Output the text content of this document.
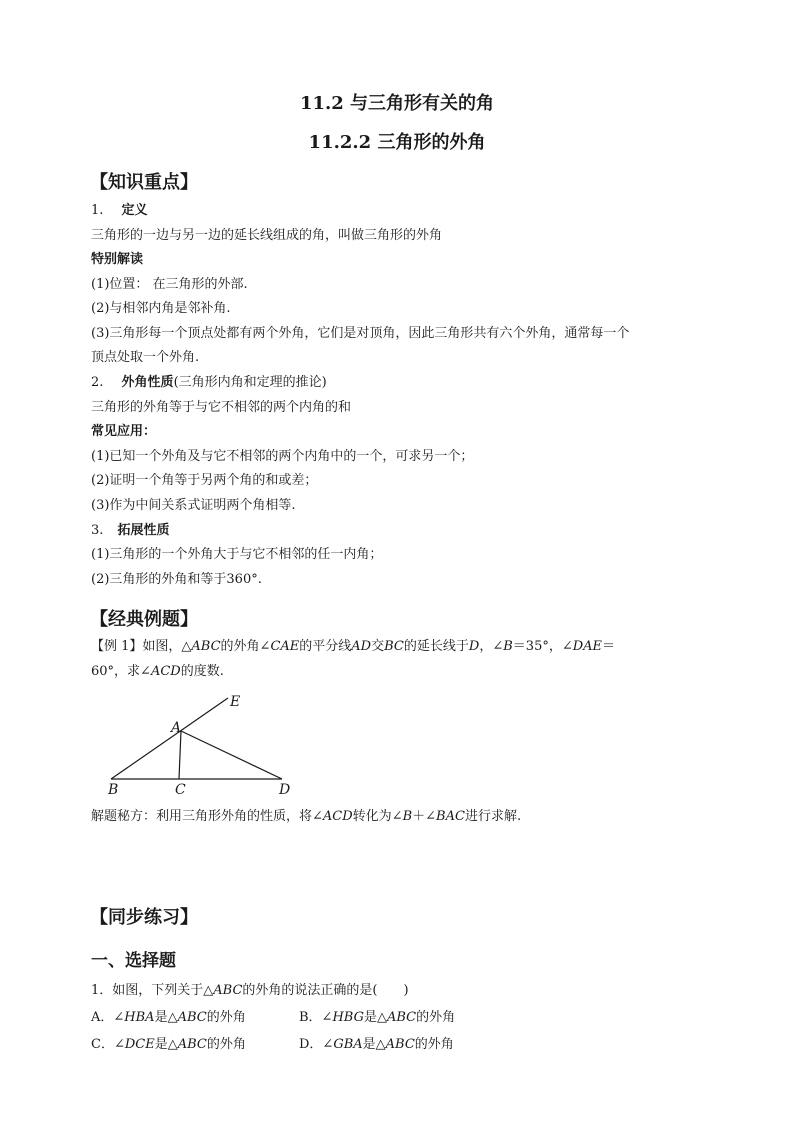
11.2 与三角形有关的角
11.2.2 三角形的外角
【知识重点】
1. 定义
三角形的一边与另一边的延长线组成的角，叫做三角形的外角
特别解读
(1)位置： 在三角形的外部.
(2)与相邻内角是邻补角.
(3)三角形每一个顶点处都有两个外角，它们是对顶角，因此三角形共有六个外角，通常每一个
顶点处取一个外角.
2. 外角性质(三角形内角和定理的推论)
三角形的外角等于与它不相邻的两个内角的和
常见应用：
(1)已知一个外角及与它不相邻的两个内角中的一个，可求另一个；
(2)证明一个角等于另两个角的和或差；
(3)作为中间关系式证明两个角相等.
3. 拓展性质
(1)三角形的一个外角大于与它不相邻的任一内角；
(2)三角形的外角和等于360°.
【经典例题】
【例 1】如图，△ABC的外角∠CAE的平分线AD交BC的延长线于D，∠B＝35°，∠DAE＝
60°，求∠ACD的度数.
A
B	C	D
E
解题秘方：利用三角形外角的性质，将∠ACD转化为∠B＋∠BAC进行求解.
【同步练习】
一、选择题
1．如图，下列关于△ABC的外角的说法正确的是(　　)
A．∠HBA是△ABC的外角	B．∠HBG是△ABC的外角
C．∠DCE是△ABC的外角	D．∠GBA是△ABC的外角
